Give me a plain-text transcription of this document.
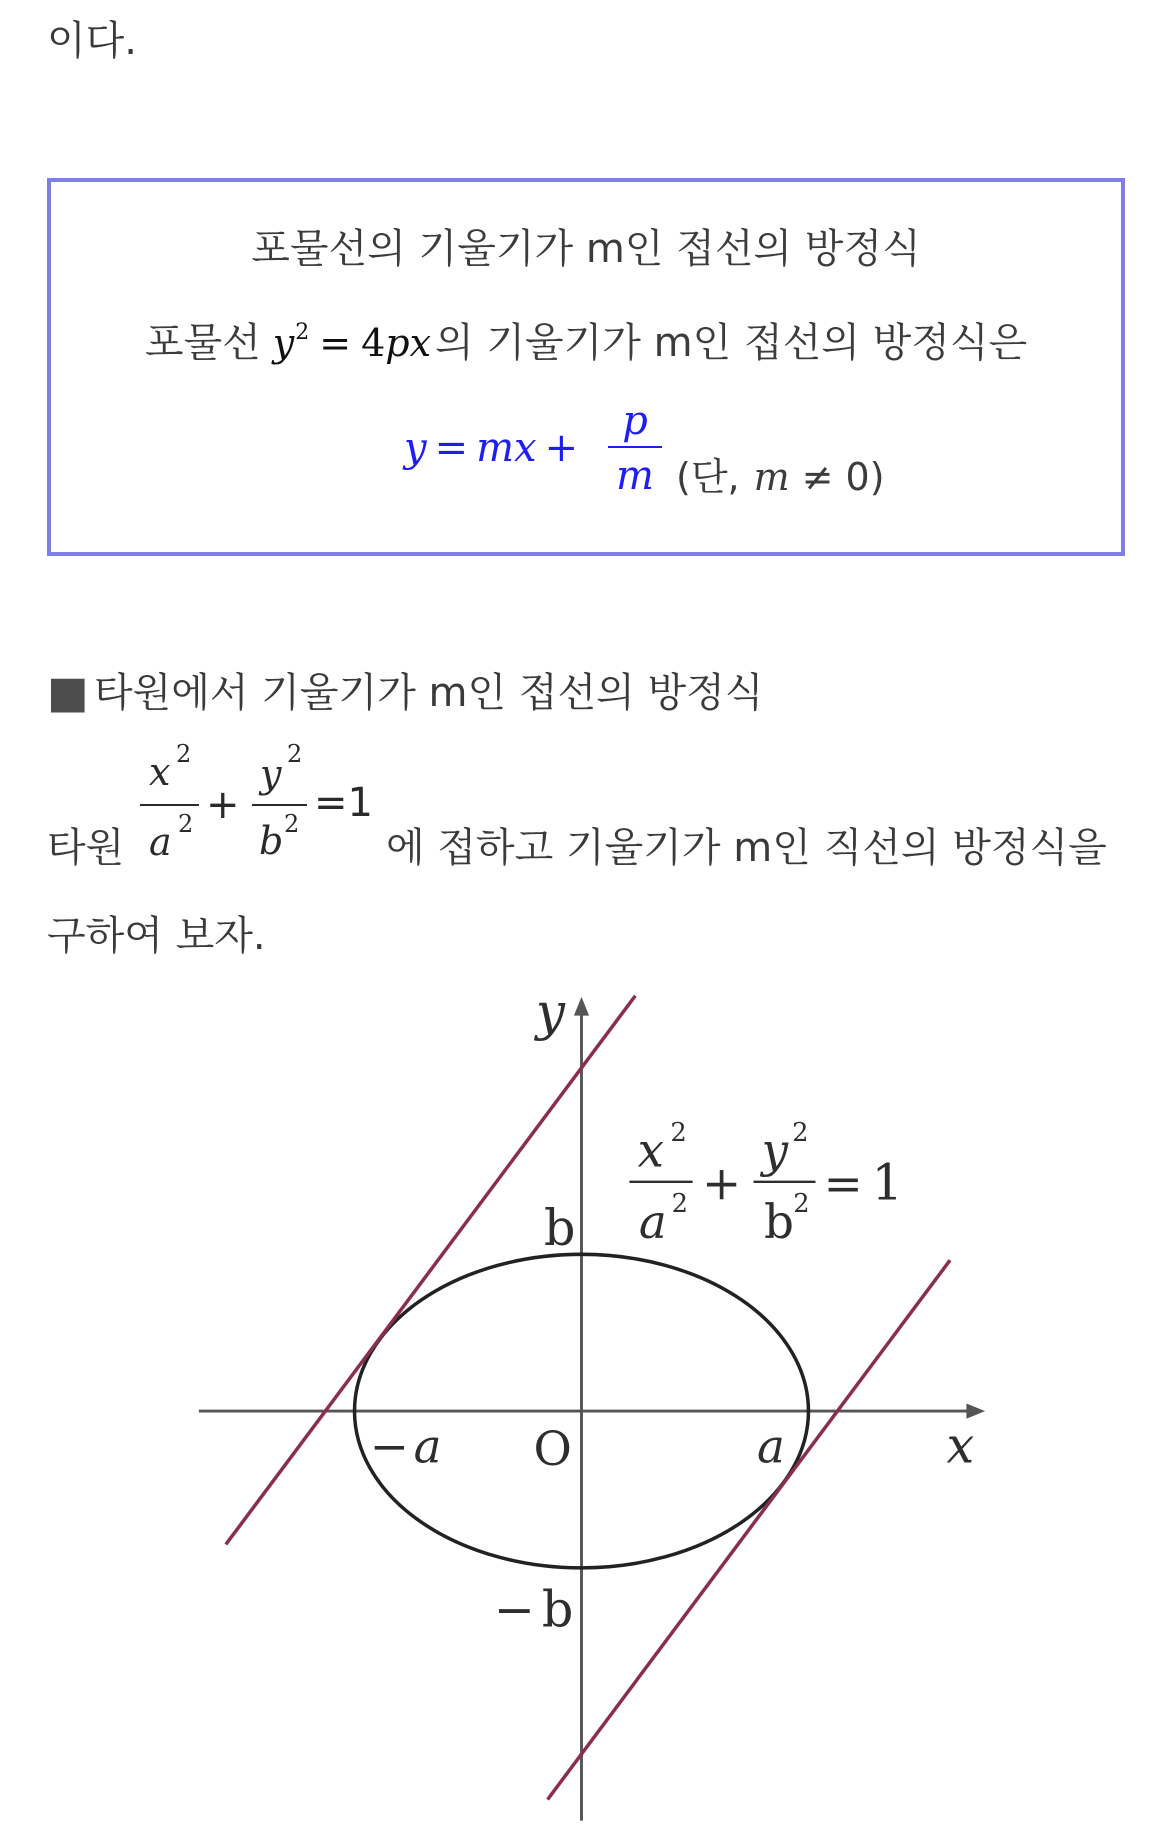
이다.
포물선의 기울기가 m인 접선의 방정식
포물선 $y^2 = 4px$ 의 기울기가 m인 접선의 방정식은
y = mx +
p
m (단, m ≠ 0)
■ 타원에서 기울기가 m인 접선의 방정식
타원
x 2
a 2 +
y 2
b 2 =1
에 접하고 기울기가 m인 직선의 방정식을
구하여 보자.
y
b
− a O	a	x
− b
x 2
a 2 +
y 2
b 2 = 1
